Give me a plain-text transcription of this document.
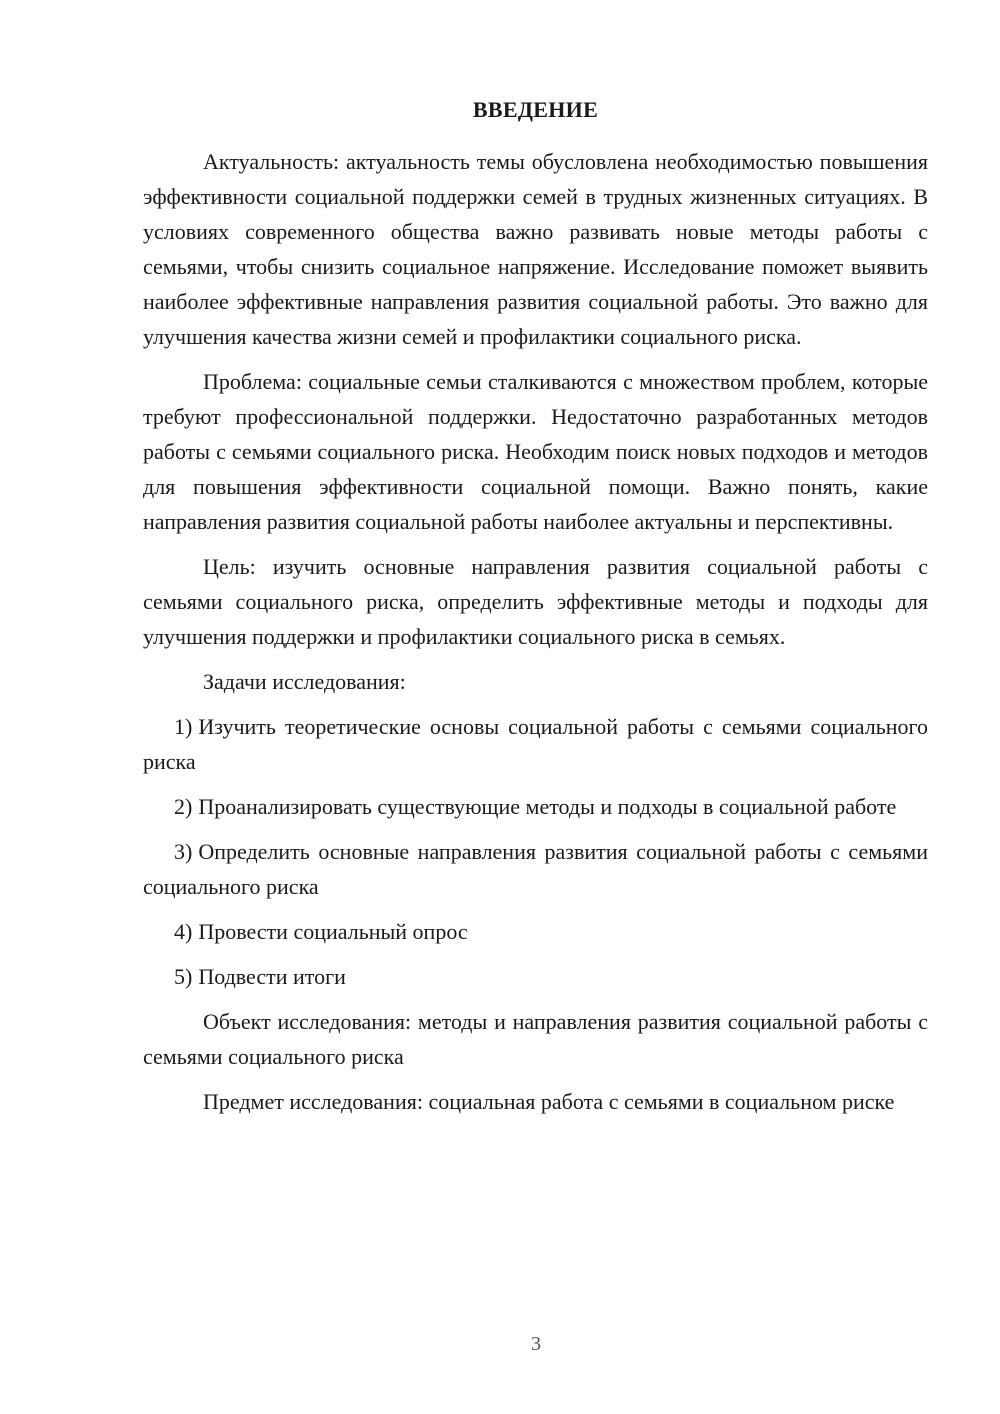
ВВЕДЕНИЕ

Актуальность: актуальность темы обусловлена необходимостью повышения эффективности социальной поддержки семей в трудных жизненных ситуациях. В условиях современного общества важно развивать новые методы работы с семьями, чтобы снизить социальное напряжение. Исследование поможет выявить наиболее эффективные направления развития социальной работы. Это важно для улучшения качества жизни семей и профилактики социального риска.

Проблема: социальные семьи сталкиваются с множеством проблем, которые требуют профессиональной поддержки. Недостаточно разработанных методов работы с семьями социального риска. Необходим поиск новых подходов и методов для повышения эффективности социальной помощи. Важно понять, какие направления развития социальной работы наиболее актуальны и перспективны.

Цель: изучить основные направления развития социальной работы с семьями социального риска, определить эффективные методы и подходы для улучшения поддержки и профилактики социального риска в семьях.

Задачи исследования:

1) Изучить теоретические основы социальной работы с семьями социального риска

2) Проанализировать существующие методы и подходы в социальной работе

3) Определить основные направления развития социальной работы с семьями социального риска

4) Провести социальный опрос

5) Подвести итоги

Объект исследования: методы и направления развития социальной работы с семьями социального риска

Предмет исследования: социальная работа с семьями в социальном риске

3
